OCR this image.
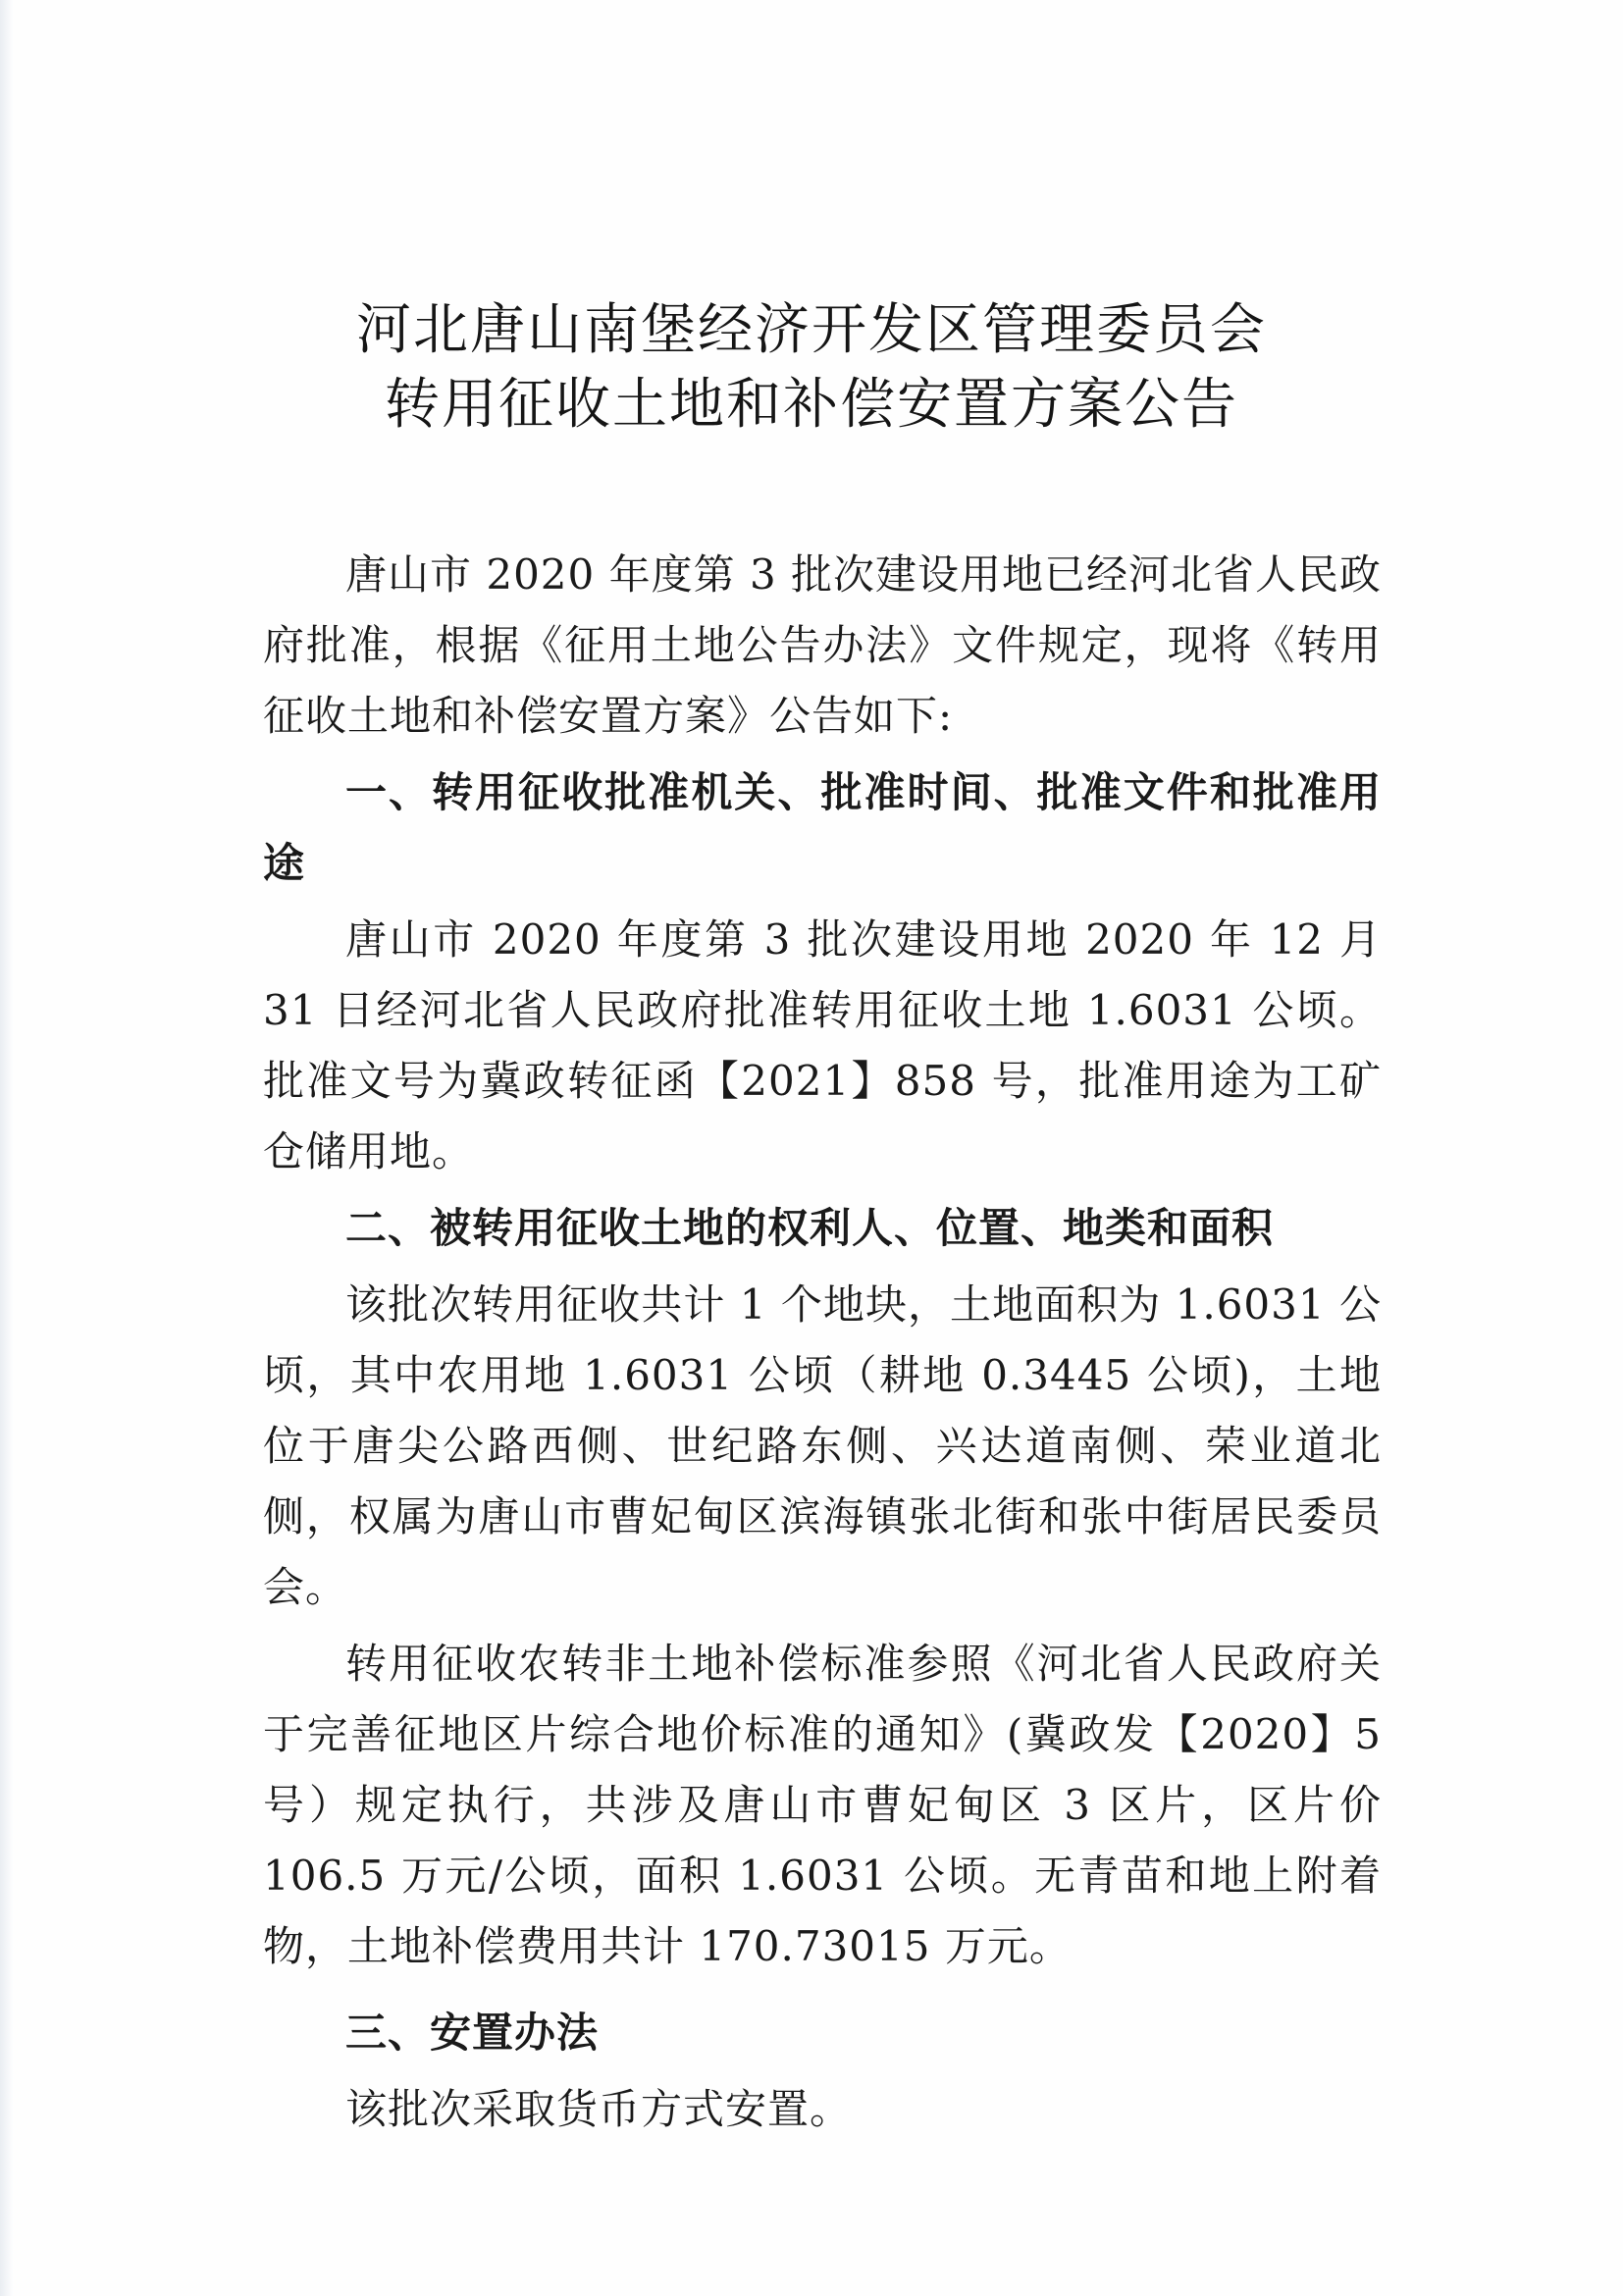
河北唐山南堡经济开发区管理委员会
转用征收土地和补偿安置方案公告

唐山市 2020 年度第 3 批次建设用地已经河北省人民政府批准，根据《征用土地公告办法》文件规定，现将《转用征收土地和补偿安置方案》公告如下:

一、转用征收批准机关、批准时间、批准文件和批准用途

唐山市 2020 年度第 3 批次建设用地 2020 年 12 月 31 日经河北省人民政府批准转用征收土地 1.6031 公顷。批准文号为冀政转征函【2021】858 号，批准用途为工矿仓储用地。

二、被转用征收土地的权利人、位置、地类和面积

该批次转用征收共计 1 个地块，土地面积为 1.6031 公顷，其中农用地 1.6031 公顷（耕地 0.3445 公顷)，土地位于唐尖公路西侧、世纪路东侧、兴达道南侧、荣业道北侧，权属为唐山市曹妃甸区滨海镇张北街和张中街居民委员会。

转用征收农转非土地补偿标准参照《河北省人民政府关于完善征地区片综合地价标准的通知》(冀政发【2020】5 号）规定执行，共涉及唐山市曹妃甸区 3 区片，区片价 106.5 万元/公顷，面积 1.6031 公顷。无青苗和地上附着物，土地补偿费用共计 170.73015 万元。

三、安置办法

该批次采取货币方式安置。
